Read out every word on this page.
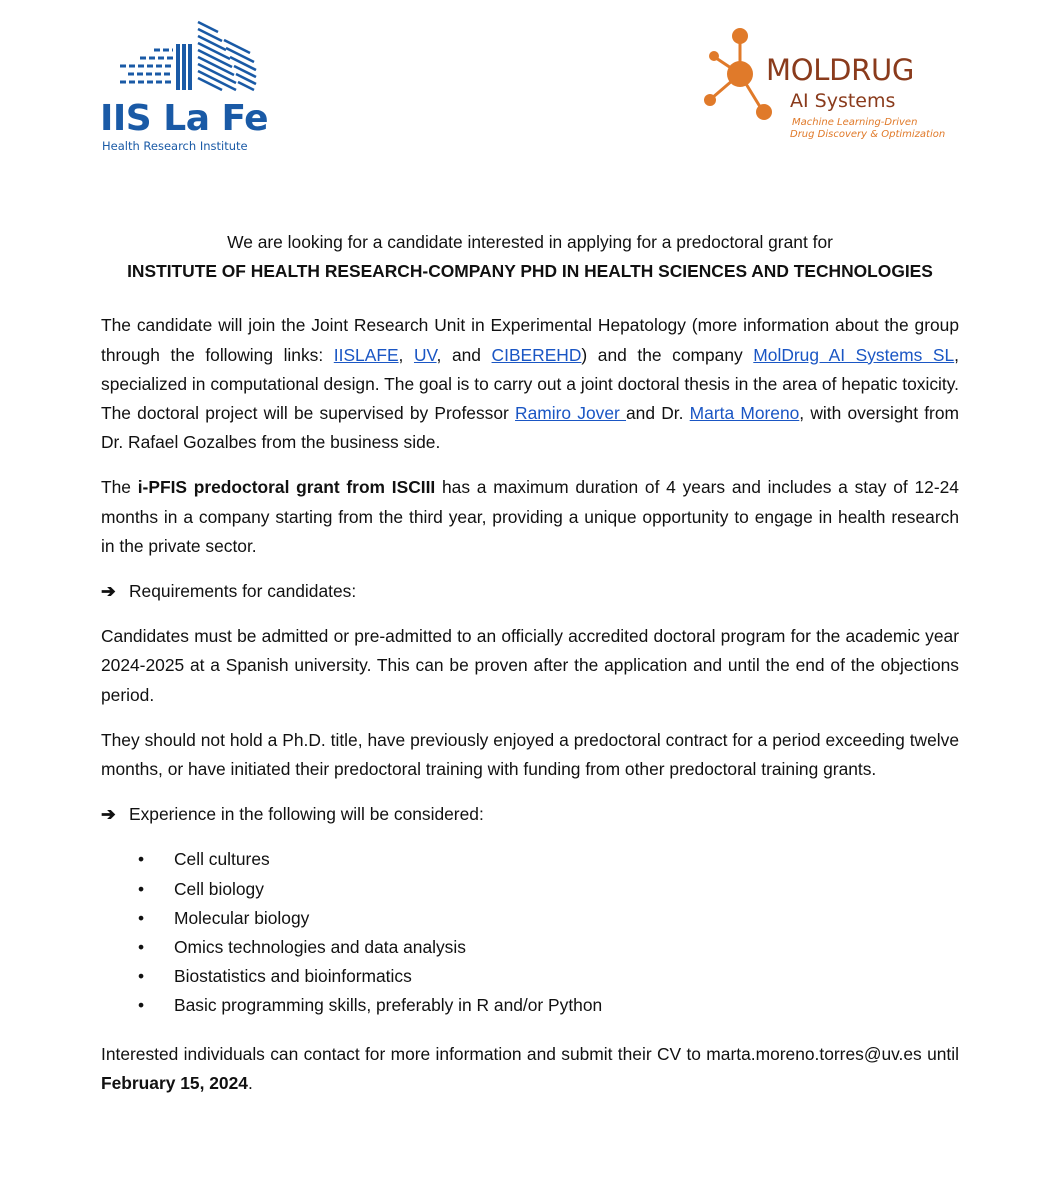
IIS La Fe
Health Research Institute
MOLDRUG
AI Systems
Machine Learning-Driven
Drug Discovery & Optimization

We are looking for a candidate interested in applying for a predoctoral grant for

INSTITUTE OF HEALTH RESEARCH-COMPANY PHD IN HEALTH SCIENCES AND TECHNOLOGIES

The candidate will join the Joint Research Unit in Experimental Hepatology (more information about the group through the following links: IISLAFE, UV, and CIBEREHD) and the company MolDrug AI Systems SL, specialized in computational design. The goal is to carry out a joint doctoral thesis in the area of hepatic toxicity. The doctoral project will be supervised by Professor Ramiro Jover and Dr. Marta Moreno, with oversight from Dr. Rafael Gozalbes from the business side.

The i-PFIS predoctoral grant from ISCIII has a maximum duration of 4 years and includes a stay of 12-24 months in a company starting from the third year, providing a unique opportunity to engage in health research in the private sector.

➔ Requirements for candidates:

Candidates must be admitted or pre-admitted to an officially accredited doctoral program for the academic year 2024-2025 at a Spanish university. This can be proven after the application and until the end of the objections period.

They should not hold a Ph.D. title, have previously enjoyed a predoctoral contract for a period exceeding twelve months, or have initiated their predoctoral training with funding from other predoctoral training grants.

➔ Experience in the following will be considered:

• Cell cultures
• Cell biology
• Molecular biology
• Omics technologies and data analysis
• Biostatistics and bioinformatics
• Basic programming skills, preferably in R and/or Python

Interested individuals can contact for more information and submit their CV to marta.moreno.torres@uv.es until February 15, 2024.
